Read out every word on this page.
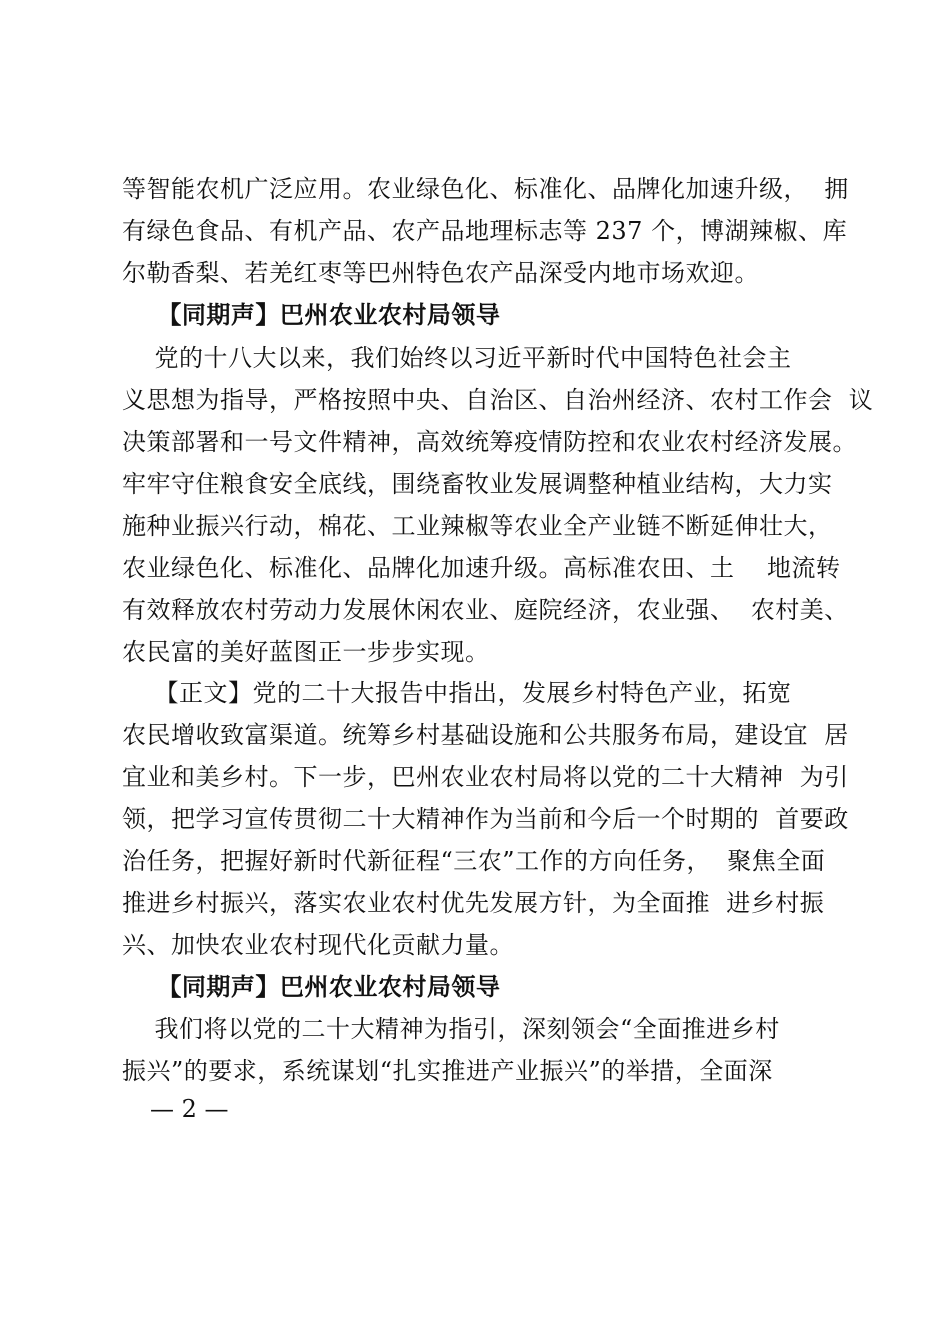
等智能农机广泛应用。农业绿色化、标准化、品牌化加速升级，  拥
有绿色食品、有机产品、农产品地理标志等 237 个，博湖辣椒、库
尔勒香梨、若羌红枣等巴州特色农产品深受内地市场欢迎。
【同期声】巴州农业农村局领导
党的十八大以来，我们始终以习近平新时代中国特色社会主
义思想为指导，严格按照中央、自治区、自治州经济、农村工作会  议
决策部署和一号文件精神，高效统筹疫情防控和农业农村经济发展。
牢牢守住粮食安全底线，围绕畜牧业发展调整种植业结构，大力实
施种业振兴行动，棉花、工业辣椒等农业全产业链不断延伸壮大，
农业绿色化、标准化、品牌化加速升级。高标准农田、土    地流转
有效释放农村劳动力发展休闲农业、庭院经济，农业强、  农村美、
农民富的美好蓝图正一步步实现。
【正文】党的二十大报告中指出，发展乡村特色产业，拓宽
农民增收致富渠道。统筹乡村基础设施和公共服务布局，建设宜  居
宜业和美乡村。下一步，巴州农业农村局将以党的二十大精神  为引
领，把学习宣传贯彻二十大精神作为当前和今后一个时期的  首要政
治任务，把握好新时代新征程“三农”工作的方向任务，  聚焦全面
推进乡村振兴，落实农业农村优先发展方针，为全面推  进乡村振
兴、加快农业农村现代化贡献力量。
【同期声】巴州农业农村局领导
我们将以党的二十大精神为指引，深刻领会“全面推进乡村
振兴”的要求，系统谋划“扎实推进产业振兴”的举措，全面深
— 2 —
